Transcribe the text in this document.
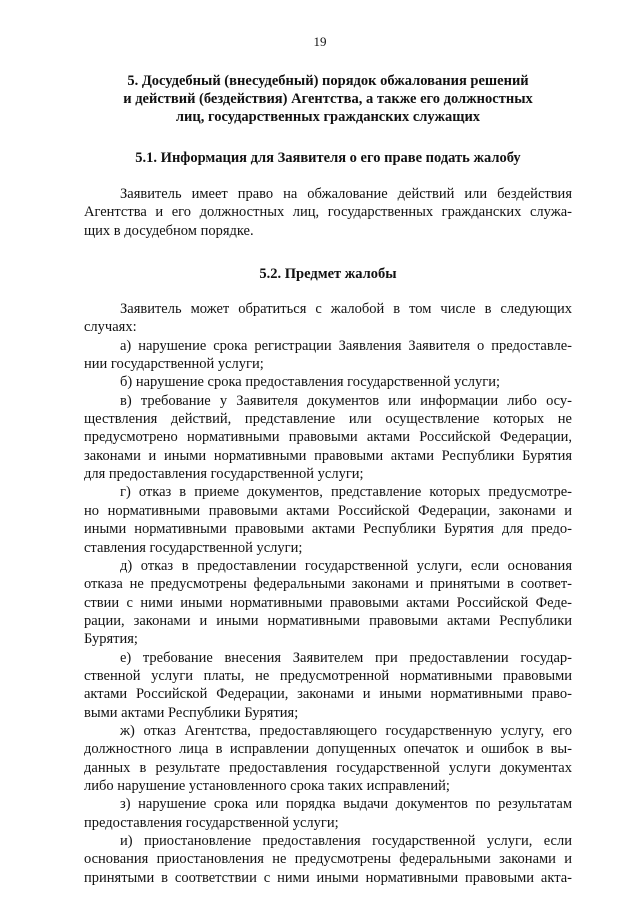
19
5. Досудебный (внесудебный) порядок обжалования решений
и действий (бездействия) Агентства, а также его должностных
лиц, государственных гражданских служащих
5.1. Информация для Заявителя о его праве подать жалобу
Заявитель имеет право на обжалование действий или бездействия
Агентства и его должностных лиц, государственных гражданских служа-
щих в досудебном порядке.
5.2. Предмет жалобы
Заявитель может обратиться с жалобой в том числе в следующих
случаях:
а) нарушение срока регистрации Заявления Заявителя о предоставле-
нии государственной услуги;
б) нарушение срока предоставления государственной услуги;
в) требование у Заявителя документов или информации либо осу-
ществления действий, представление или осуществление которых не
предусмотрено нормативными правовыми актами Российской Федерации,
законами и иными нормативными правовыми актами Республики Бурятия
для предоставления государственной услуги;
г) отказ в приеме документов, представление которых предусмотре-
но нормативными правовыми актами Российской Федерации, законами и
иными нормативными правовыми актами Республики Бурятия для предо-
ставления государственной услуги;
д) отказ в предоставлении государственной услуги, если основания
отказа не предусмотрены федеральными законами и принятыми в соответ-
ствии с ними иными нормативными правовыми актами Российской Феде-
рации, законами и иными нормативными правовыми актами Республики
Бурятия;
е) требование внесения Заявителем при предоставлении государ-
ственной услуги платы, не предусмотренной нормативными правовыми
актами Российской Федерации, законами и иными нормативными право-
выми актами Республики Бурятия;
ж) отказ Агентства, предоставляющего государственную услугу, его
должностного лица в исправлении допущенных опечаток и ошибок в вы-
данных в результате предоставления государственной услуги документах
либо нарушение установленного срока таких исправлений;
з) нарушение срока или порядка выдачи документов по результатам
предоставления государственной услуги;
и) приостановление предоставления государственной услуги, если
основания приостановления не предусмотрены федеральными законами и
принятыми в соответствии с ними иными нормативными правовыми акта-
